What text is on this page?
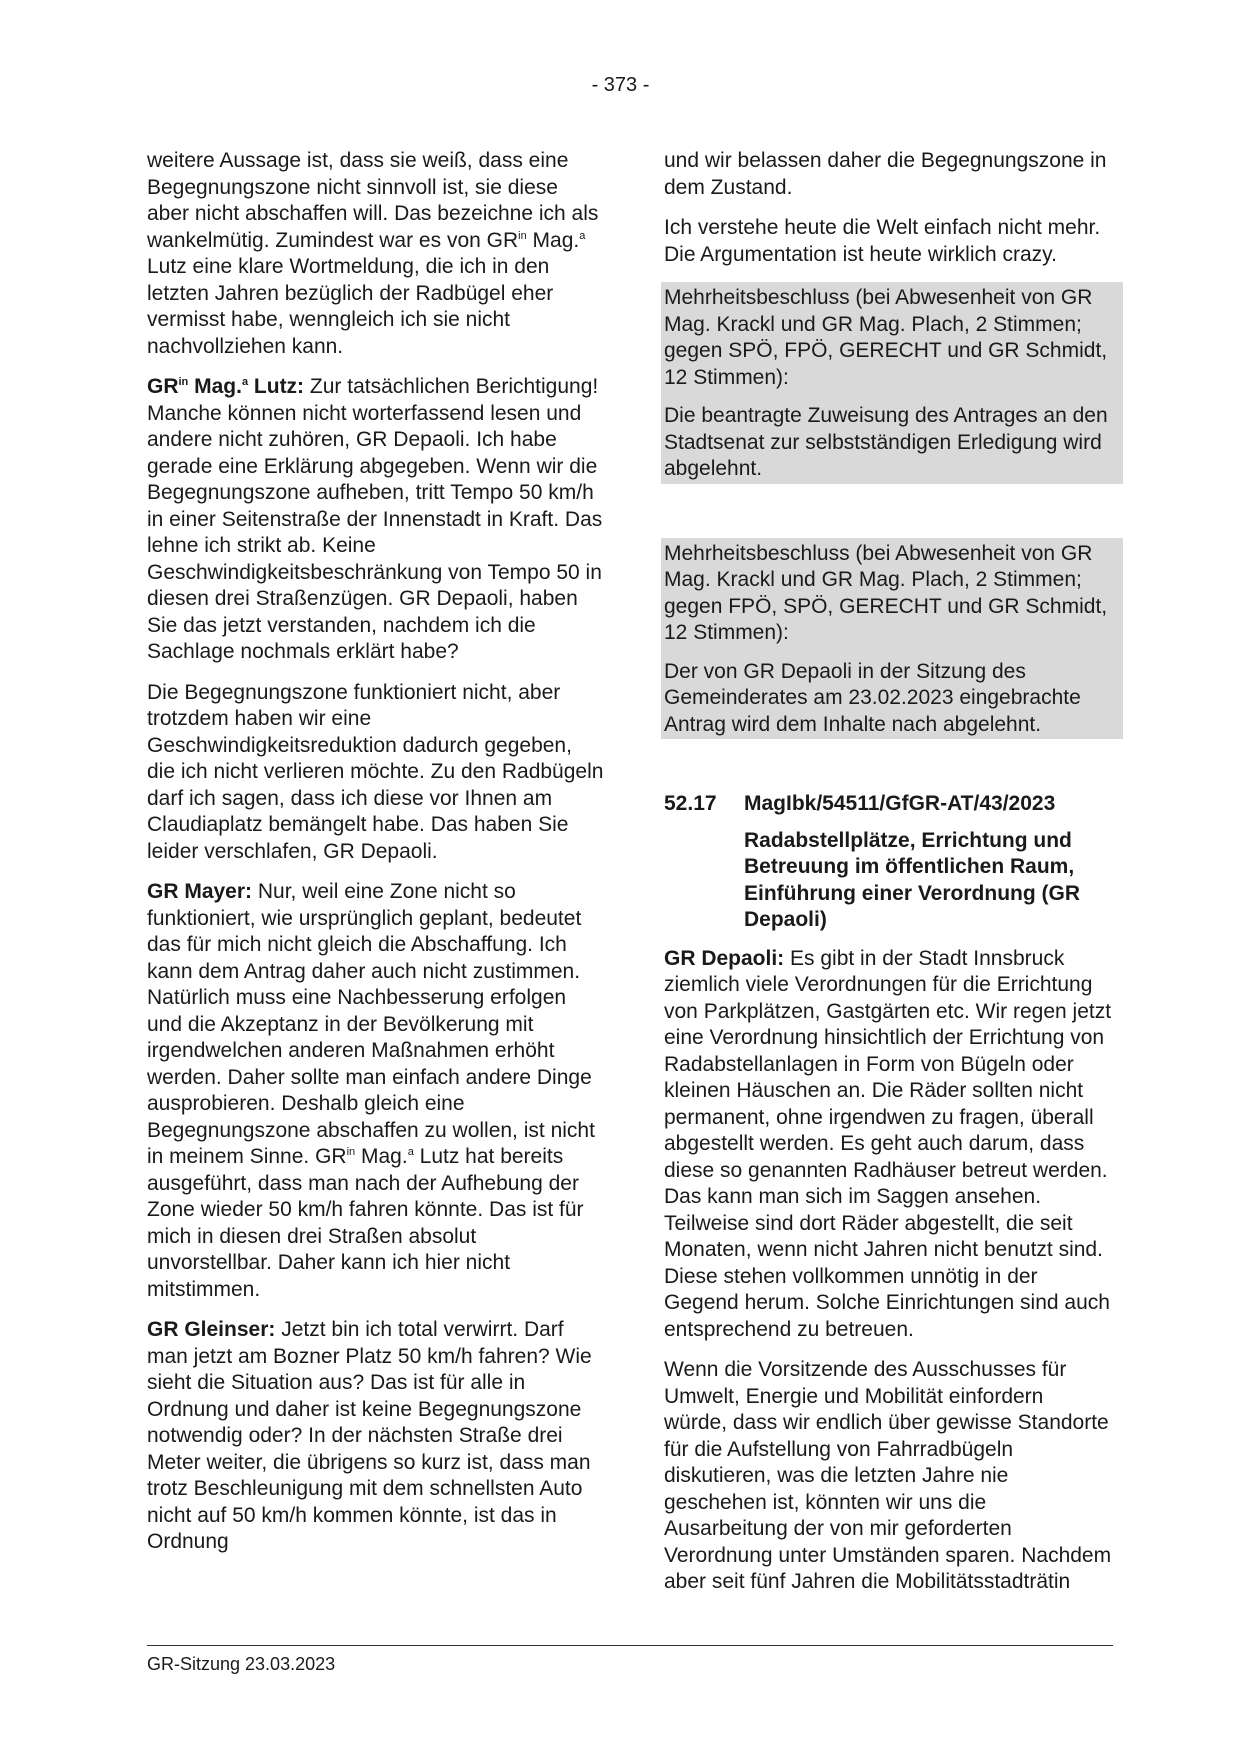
- 373 -

weitere Aussage ist, dass sie weiß, dass eine Begegnungszone nicht sinnvoll ist, sie diese aber nicht abschaffen will. Das bezeichne ich als wankelmütig. Zumindest war es von $GR^{in}$ Mag.$^a$ Lutz eine klare Wortmeldung, die ich in den letzten Jahren bezüglich der Radbügel eher vermisst habe, wenngleich ich sie nicht nachvollziehen kann.

$GR^{in}$ Mag.$^a$ Lutz: Zur tatsächlichen Berichtigung! Manche können nicht worterfassend lesen und andere nicht zuhören, GR Depaoli. Ich habe gerade eine Erklärung abgegeben. Wenn wir die Begegnungszone aufheben, tritt Tempo 50 km/h in einer Seitenstraße der Innenstadt in Kraft. Das lehne ich strikt ab. Keine Geschwindigkeitsbeschränkung von Tempo 50 in diesen drei Straßenzügen. GR Depaoli, haben Sie das jetzt verstanden, nachdem ich die Sachlage nochmals erklärt habe?

Die Begegnungszone funktioniert nicht, aber trotzdem haben wir eine Geschwindigkeitsreduktion dadurch gegeben, die ich nicht verlieren möchte. Zu den Radbügeln darf ich sagen, dass ich diese vor Ihnen am Claudiaplatz bemängelt habe. Das haben Sie leider verschlafen, GR Depaoli.

GR Mayer: Nur, weil eine Zone nicht so funktioniert, wie ursprünglich geplant, bedeutet das für mich nicht gleich die Abschaffung. Ich kann dem Antrag daher auch nicht zustimmen. Natürlich muss eine Nachbesserung erfolgen und die Akzeptanz in der Bevölkerung mit irgendwelchen anderen Maßnahmen erhöht werden. Daher sollte man einfach andere Dinge ausprobieren. Deshalb gleich eine Begegnungszone abschaffen zu wollen, ist nicht in meinem Sinne. $GR^{in}$ Mag.$^a$ Lutz hat bereits ausgeführt, dass man nach der Aufhebung der Zone wieder 50 km/h fahren könnte. Das ist für mich in diesen drei Straßen absolut unvorstellbar. Daher kann ich hier nicht mitstimmen.

GR Gleinser: Jetzt bin ich total verwirrt. Darf man jetzt am Bozner Platz 50 km/h fahren? Wie sieht die Situation aus? Das ist für alle in Ordnung und daher ist keine Begegnungszone notwendig oder? In der nächsten Straße drei Meter weiter, die übrigens so kurz ist, dass man trotz Beschleunigung mit dem schnellsten Auto nicht auf 50 km/h kommen könnte, ist das in Ordnung

und wir belassen daher die Begegnungszone in dem Zustand.

Ich verstehe heute die Welt einfach nicht mehr. Die Argumentation ist heute wirklich crazy.

Mehrheitsbeschluss (bei Abwesenheit von GR Mag. Krackl und GR Mag. Plach, 2 Stimmen; gegen SPÖ, FPÖ, GERECHT und GR Schmidt, 12 Stimmen):

Die beantragte Zuweisung des Antrages an den Stadtsenat zur selbstständigen Erledigung wird abgelehnt.

Mehrheitsbeschluss (bei Abwesenheit von GR Mag. Krackl und GR Mag. Plach, 2 Stimmen; gegen FPÖ, SPÖ, GERECHT und GR Schmidt, 12 Stimmen):

Der von GR Depaoli in der Sitzung des Gemeinderates am 23.02.2023 eingebrachte Antrag wird dem Inhalte nach abgelehnt.

52.17	MagIbk/54511/GfGR-AT/43/2023
Radabstellplätze, Errichtung und Betreuung im öffentlichen Raum, Einführung einer Verordnung (GR Depaoli)

GR Depaoli: Es gibt in der Stadt Innsbruck ziemlich viele Verordnungen für die Errichtung von Parkplätzen, Gastgärten etc. Wir regen jetzt eine Verordnung hinsichtlich der Errichtung von Radabstellanlagen in Form von Bügeln oder kleinen Häuschen an. Die Räder sollten nicht permanent, ohne irgendwen zu fragen, überall abgestellt werden. Es geht auch darum, dass diese so genannten Radhäuser betreut werden. Das kann man sich im Saggen ansehen. Teilweise sind dort Räder abgestellt, die seit Monaten, wenn nicht Jahren nicht benutzt sind. Diese stehen vollkommen unnötig in der Gegend herum. Solche Einrichtungen sind auch entsprechend zu betreuen.

Wenn die Vorsitzende des Ausschusses für Umwelt, Energie und Mobilität einfordern würde, dass wir endlich über gewisse Standorte für die Aufstellung von Fahrradbügeln diskutieren, was die letzten Jahre nie geschehen ist, könnten wir uns die Ausarbeitung der von mir geforderten Verordnung unter Umständen sparen. Nachdem aber seit fünf Jahren die Mobilitätsstadträtin

GR-Sitzung 23.03.2023
